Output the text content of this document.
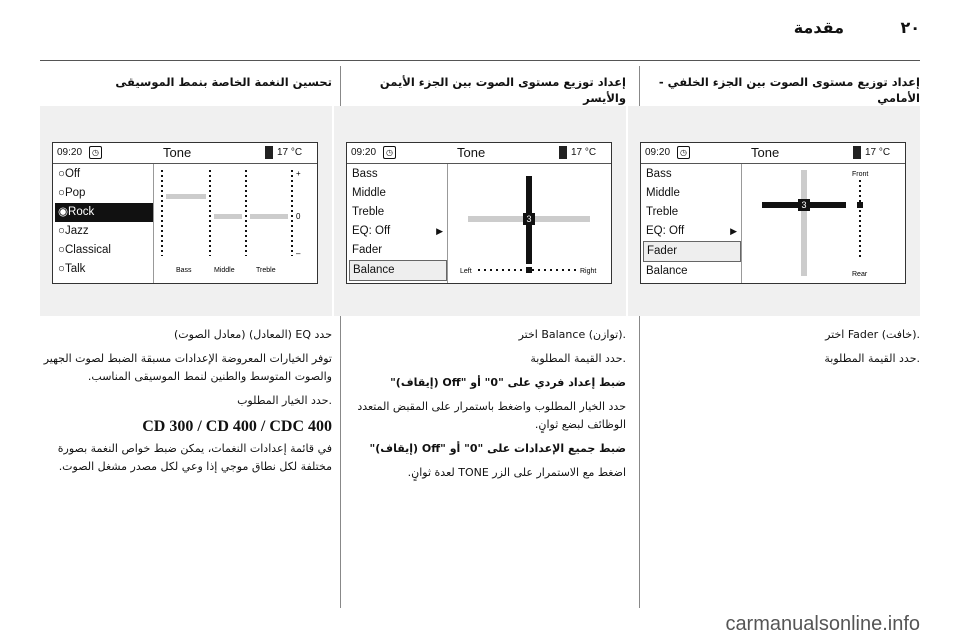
٢٠
مقدمة
إعداد توزيع مستوى الصوت بين الجزء الخلفي - الأمامي
09:20	◷	Tone	17 °C
Bass
Middle
Treble
EQ: Off	▶
Fader
Balance
3
Front
Rear

.(خافت) Fader اختر

.حدد القيمة المطلوبة

إعداد توزيع مستوى الصوت بين الجزء الأيمن والأيسر
09:20	◷	Tone	17 °C
Bass
Middle
Treble
EQ: Off	▶
Fader
Balance
3
Left	Right

.(توازن) Balance اختر

.حدد القيمة المطلوبة

ضبط إعداد فردي على "0" أو "Off (إيقاف)"

حدد الخيار المطلوب واضغط باستمرار على المقبض المتعدد الوظائف لبضع ثوانٍ.

ضبط جميع الإعدادات على "0" أو "Off (إيقاف)"

اضغط مع الاستمرار على الزر TONE لعدة ثوانٍ.

تحسين النغمة الخاصة بنمط الموسيقى
09:20	◷	Tone	17 °C
○Off
○Pop
◉Rock
○Jazz
○Classical
○Talk
+
0
–
Bass	Middle	Treble

حدد EQ (المعادل) (معادل الصوت)

توفر الخيارات المعروضة الإعدادات مسبقة الضبط لصوت الجهير والصوت المتوسط والطنين لنمط الموسيقى المناسب.

.حدد الخيار المطلوب

CD 300 / CD 400 / CDC 400

في قائمة إعدادات النغمات، يمكن ضبط خواص النغمة بصورة مختلفة لكل نطاق موجي إذا وعي لكل مصدر مشغل الصوت.

carmanualsonline.info
